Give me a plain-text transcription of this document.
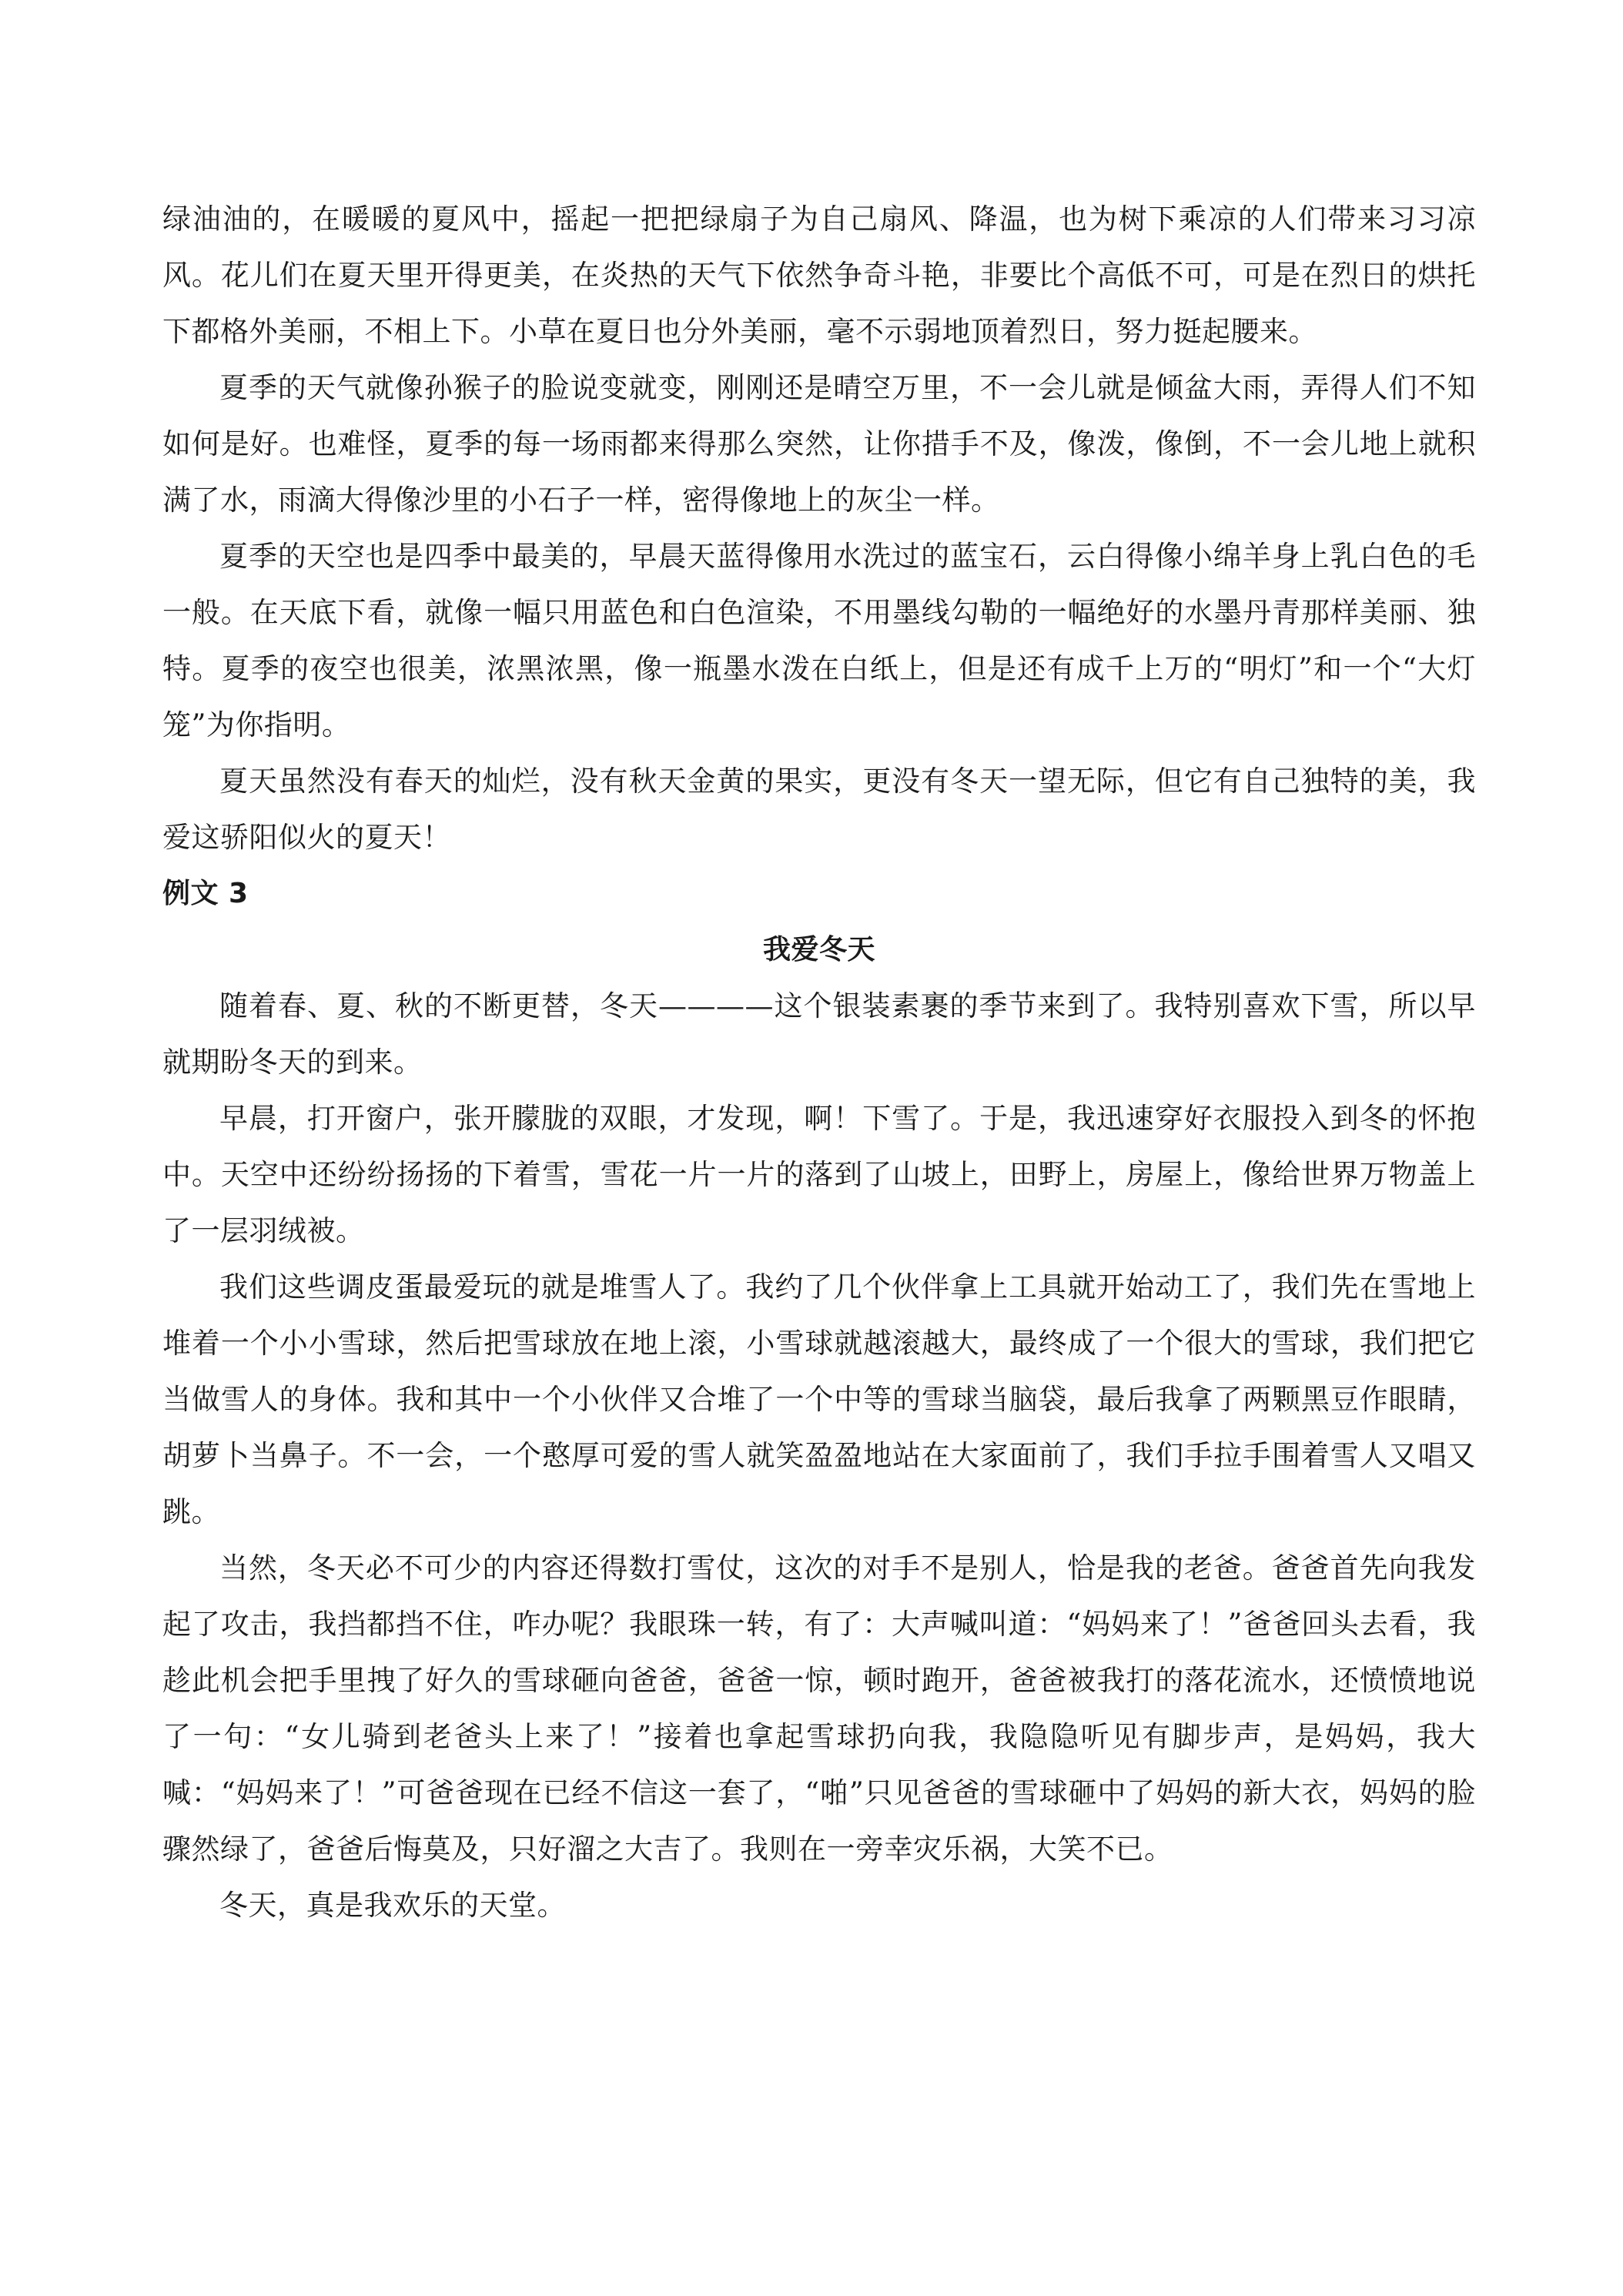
绿油油的，在暖暖的夏风中，摇起一把把绿扇子为自己扇风、降温，也为树下乘凉的人们带来习习凉风。花儿们在夏天里开得更美，在炎热的天气下依然争奇斗艳，非要比个高低不可，可是在烈日的烘托下都格外美丽，不相上下。小草在夏日也分外美丽，毫不示弱地顶着烈日，努力挺起腰来。

夏季的天气就像孙猴子的脸说变就变，刚刚还是晴空万里，不一会儿就是倾盆大雨，弄得人们不知如何是好。也难怪，夏季的每一场雨都来得那么突然，让你措手不及，像泼，像倒，不一会儿地上就积满了水，雨滴大得像沙里的小石子一样，密得像地上的灰尘一样。

夏季的天空也是四季中最美的，早晨天蓝得像用水洗过的蓝宝石，云白得像小绵羊身上乳白色的毛一般。在天底下看，就像一幅只用蓝色和白色渲染，不用墨线勾勒的一幅绝好的水墨丹青那样美丽、独特。夏季的夜空也很美，浓黑浓黑，像一瓶墨水泼在白纸上，但是还有成千上万的“明灯”和一个“大灯笼”为你指明。

夏天虽然没有春天的灿烂，没有秋天金黄的果实，更没有冬天一望无际，但它有自己独特的美，我爱这骄阳似火的夏天！

例文 3

我爱冬天

随着春、夏、秋的不断更替，冬天————这个银装素裹的季节来到了。我特别喜欢下雪，所以早就期盼冬天的到来。

早晨，打开窗户，张开朦胧的双眼，才发现，啊！下雪了。于是，我迅速穿好衣服投入到冬的怀抱中。天空中还纷纷扬扬的下着雪，雪花一片一片的落到了山坡上，田野上，房屋上，像给世界万物盖上了一层羽绒被。

我们这些调皮蛋最爱玩的就是堆雪人了。我约了几个伙伴拿上工具就开始动工了，我们先在雪地上堆着一个小小雪球，然后把雪球放在地上滚，小雪球就越滚越大，最终成了一个很大的雪球，我们把它当做雪人的身体。我和其中一个小伙伴又合堆了一个中等的雪球当脑袋，最后我拿了两颗黑豆作眼睛，胡萝卜当鼻子。不一会，一个憨厚可爱的雪人就笑盈盈地站在大家面前了，我们手拉手围着雪人又唱又跳。

当然，冬天必不可少的内容还得数打雪仗，这次的对手不是别人，恰是我的老爸。爸爸首先向我发起了攻击，我挡都挡不住，咋办呢？我眼珠一转，有了：大声喊叫道：“妈妈来了！”爸爸回头去看，我趁此机会把手里拽了好久的雪球砸向爸爸，爸爸一惊，顿时跑开，爸爸被我打的落花流水，还愤愤地说了一句：“女儿骑到老爸头上来了！”接着也拿起雪球扔向我，我隐隐听见有脚步声，是妈妈，我大喊：“妈妈来了！”可爸爸现在已经不信这一套了，“啪”只见爸爸的雪球砸中了妈妈的新大衣，妈妈的脸骤然绿了，爸爸后悔莫及，只好溜之大吉了。我则在一旁幸灾乐祸，大笑不已。

冬天，真是我欢乐的天堂。
